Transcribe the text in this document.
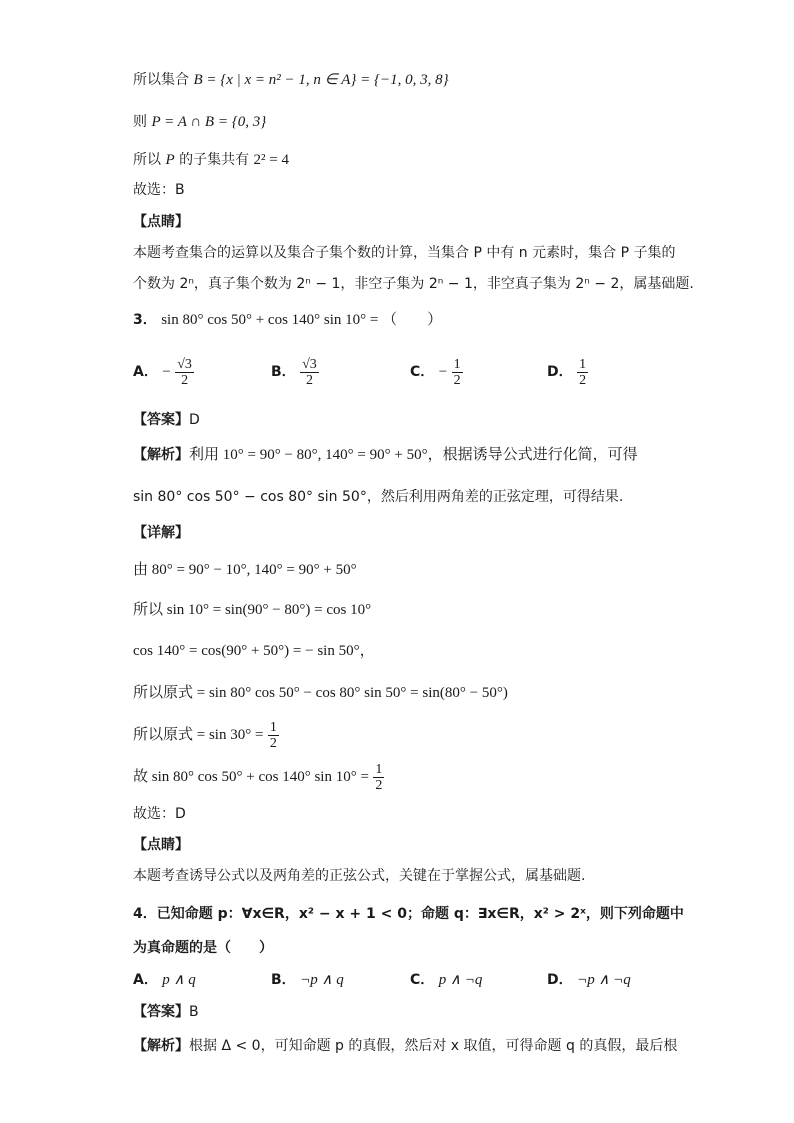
所以集合 B = {x | x = n² − 1, n ∈ A} = {−1, 0, 3, 8}
则 P = A ∩ B = {0, 3}
所以 P 的子集共有 2² = 4
故选：B
【点睛】
本题考查集合的运算以及集合子集个数的计算，当集合 P 中有 n 元素时，集合 P 子集的
个数为 2ⁿ，真子集个数为 2ⁿ − 1，非空子集为 2ⁿ − 1，非空真子集为 2ⁿ − 2，属基础题.
3． sin 80° cos 50° + cos 140° sin 10° = （　　）
A． − $\frac{√3}{2}$	B． $\frac{√3}{2}$	C． − $\frac{1}{2}$	D． $\frac{1}{2}$
【答案】D
【解析】利用 10° = 90° − 80°, 140° = 90° + 50°，根据诱导公式进行化简，可得
sin 80° cos 50° − cos 80° sin 50°，然后利用两角差的正弦定理，可得结果.
【详解】
由 80° = 90° − 10°, 140° = 90° + 50°
所以 sin 10° = sin(90° − 80°) = cos 10°
cos 140° = cos(90° + 50°) = − sin 50°，
所以原式 = sin 80° cos 50° − cos 80° sin 50° = sin(80° − 50°)
所以原式 = $\sin 30^\circ = \frac{1}{2}$
故 sin 80° cos 50° + cos 140° $\sin 10^\circ = \frac{1}{2}$
故选：D
【点睛】
本题考查诱导公式以及两角差的正弦公式，关键在于掌握公式，属基础题.
4．已知命题 p：∀x∈R，x² − x + 1 < 0；命题 q：∃x∈R，x² > 2ˣ，则下列命题中
为真命题的是（　　）
A． p ∧ q	B． ¬p ∧ q	C． p ∧ ¬q	D． ¬p ∧ ¬q
【答案】B
【解析】根据 Δ < 0，可知命题 p 的真假，然后对 x 取值，可得命题 q 的真假，最后根
